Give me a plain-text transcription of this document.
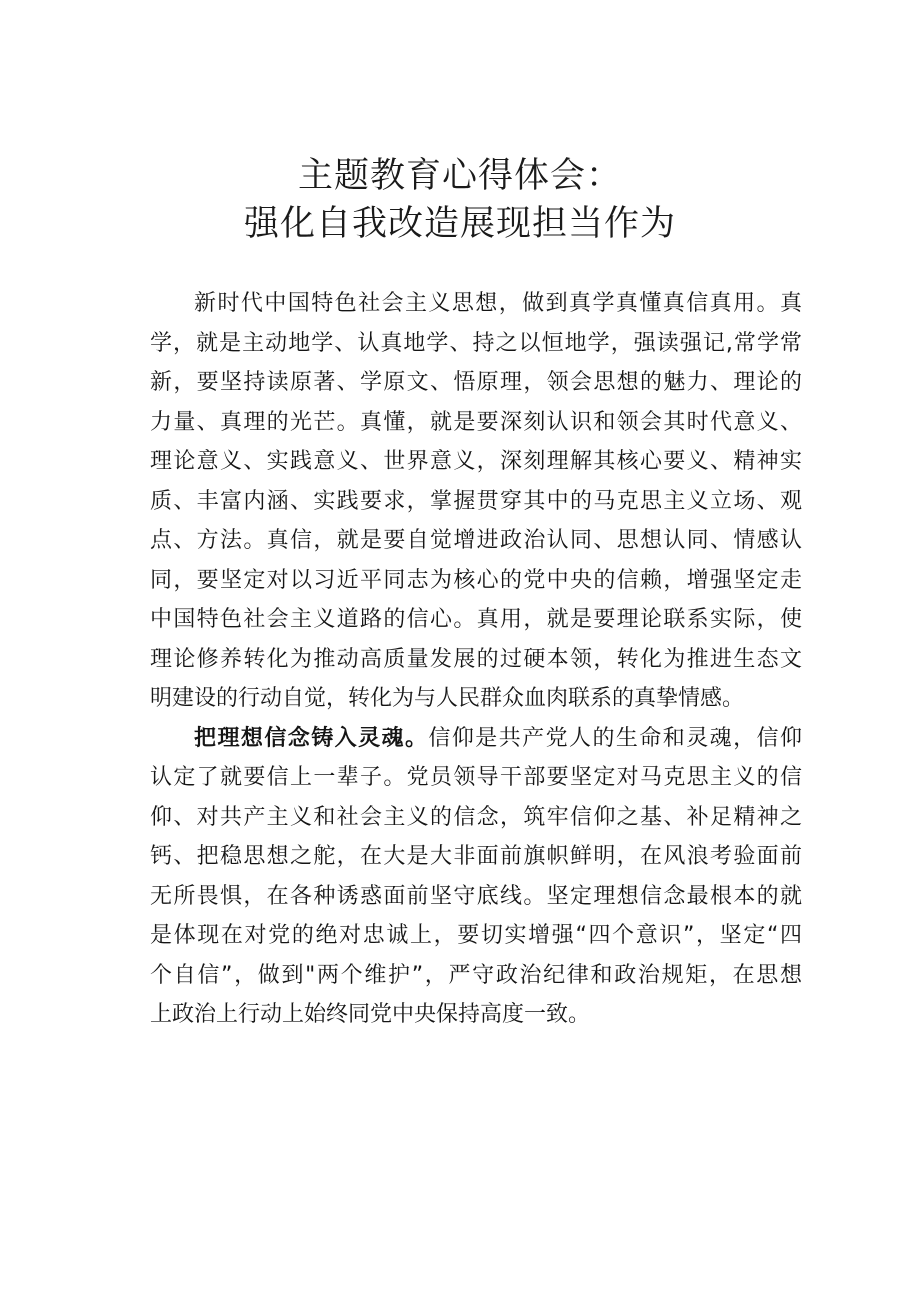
主题教育心得体会：
强化自我改造展现担当作为
新时代中国特色社会主义思想，做到真学真懂真信真用。真
学，就是主动地学、认真地学、持之以恒地学，强读强记,常学常
新，要坚持读原著、学原文、悟原理，领会思想的魅力、理论的
力量、真理的光芒。真懂，就是要深刻认识和领会其时代意义、
理论意义、实践意义、世界意义，深刻理解其核心要义、精神实
质、丰富内涵、实践要求，掌握贯穿其中的马克思主义立场、观
点、方法。真信，就是要自觉增进政治认同、思想认同、情感认
同，要坚定对以习近平同志为核心的党中央的信赖，增强坚定走
中国特色社会主义道路的信心。真用，就是要理论联系实际，使
理论修养转化为推动高质量发展的过硬本领，转化为推进生态文
明建设的行动自觉，转化为与人民群众血肉联系的真挚情感。
把理想信念铸入灵魂。信仰是共产党人的生命和灵魂，信仰
认定了就要信上一辈子。党员领导干部要坚定对马克思主义的信
仰、对共产主义和社会主义的信念，筑牢信仰之基、补足精神之
钙、把稳思想之舵，在大是大非面前旗帜鲜明，在风浪考验面前
无所畏惧，在各种诱惑面前坚守底线。坚定理想信念最根本的就
是体现在对党的绝对忠诚上，要切实增强“四个意识”，坚定“四
个自信”，做到"两个维护”，严守政治纪律和政治规矩，在思想
上政治上行动上始终同党中央保持高度一致。
